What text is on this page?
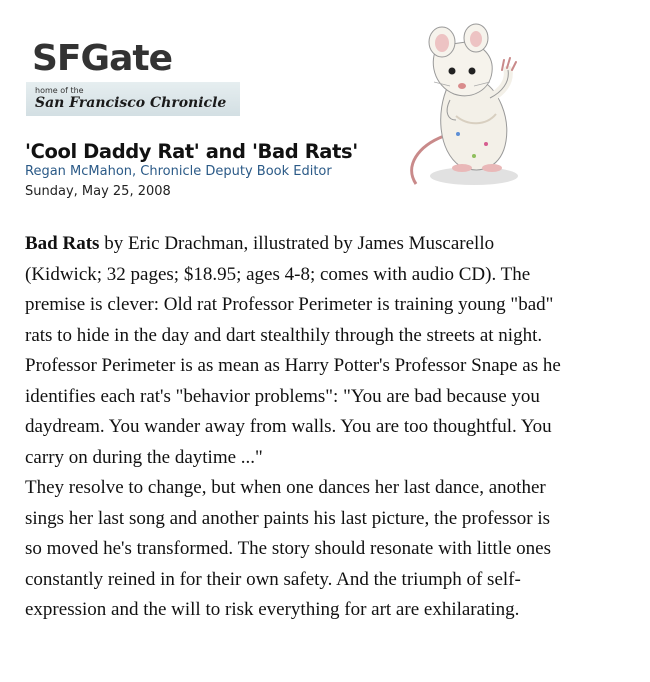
SFGate
home of the
San Francisco Chronicle
'Cool Daddy Rat' and 'Bad Rats'
Regan McMahon, Chronicle Deputy Book Editor
Sunday, May 25, 2008

Bad Rats by Eric Drachman, illustrated by James Muscarello
(Kidwick; 32 pages; $18.95; ages 4-8; comes with audio CD). The
premise is clever: Old rat Professor Perimeter is training young "bad"
rats to hide in the day and dart stealthily through the streets at night.
Professor Perimeter is as mean as Harry Potter's Professor Snape as he
identifies each rat's "behavior problems": "You are bad because you
daydream. You wander away from walls. You are too thoughtful. You
carry on during the daytime ..."

They resolve to change, but when one dances her last dance, another
sings her last song and another paints his last picture, the professor is
so moved he's transformed. The story should resonate with little ones
constantly reined in for their own safety. And the triumph of self-
expression and the will to risk everything for art are exhilarating.
